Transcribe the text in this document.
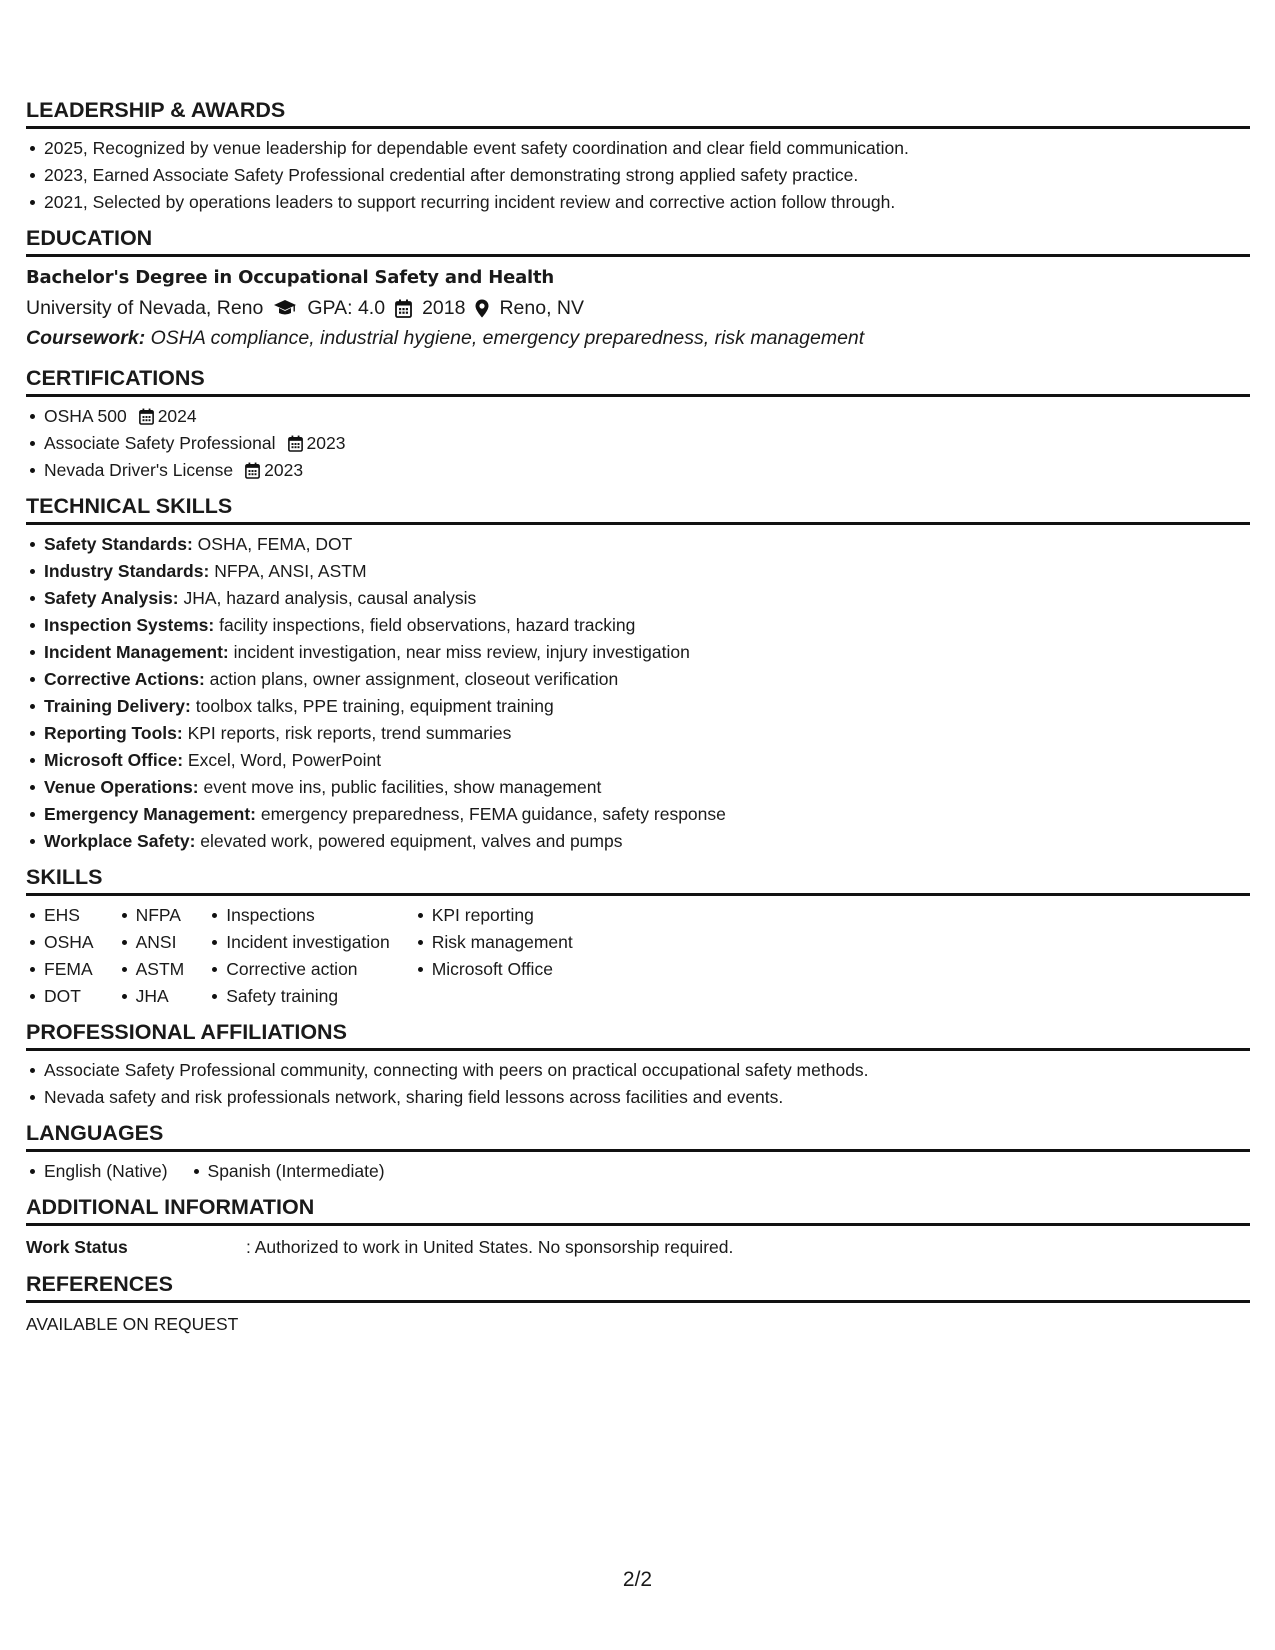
LEADERSHIP & AWARDS
2025, Recognized by venue leadership for dependable event safety coordination and clear field communication.
2023, Earned Associate Safety Professional credential after demonstrating strong applied safety practice.
2021, Selected by operations leaders to support recurring incident review and corrective action follow through.
EDUCATION
Bachelor's Degree in Occupational Safety and Health
University of Nevada, Reno GPA: 4.0 2018 Reno, NV
Coursework: OSHA compliance, industrial hygiene, emergency preparedness, risk management
CERTIFICATIONS
OSHA 500 2024
Associate Safety Professional 2023
Nevada Driver's License 2023
TECHNICAL SKILLS
Safety Standards: OSHA, FEMA, DOT
Industry Standards: NFPA, ANSI, ASTM
Safety Analysis: JHA, hazard analysis, causal analysis
Inspection Systems: facility inspections, field observations, hazard tracking
Incident Management: incident investigation, near miss review, injury investigation
Corrective Actions: action plans, owner assignment, closeout verification
Training Delivery: toolbox talks, PPE training, equipment training
Reporting Tools: KPI reports, risk reports, trend summaries
Microsoft Office: Excel, Word, PowerPoint
Venue Operations: event move ins, public facilities, show management
Emergency Management: emergency preparedness, FEMA guidance, safety response
Workplace Safety: elevated work, powered equipment, valves and pumps
SKILLS
EHS
OSHA
FEMA
DOT
NFPA
ANSI
ASTM
JHA
Inspections
Incident investigation
Corrective action
Safety training
KPI reporting
Risk management
Microsoft Office
PROFESSIONAL AFFILIATIONS
Associate Safety Professional community, connecting with peers on practical occupational safety methods.
Nevada safety and risk professionals network, sharing field lessons across facilities and events.
LANGUAGES
English (Native)	Spanish (Intermediate)
ADDITIONAL INFORMATION
Work Status	: Authorized to work in United States. No sponsorship required.
REFERENCES
AVAILABLE ON REQUEST
2/2
